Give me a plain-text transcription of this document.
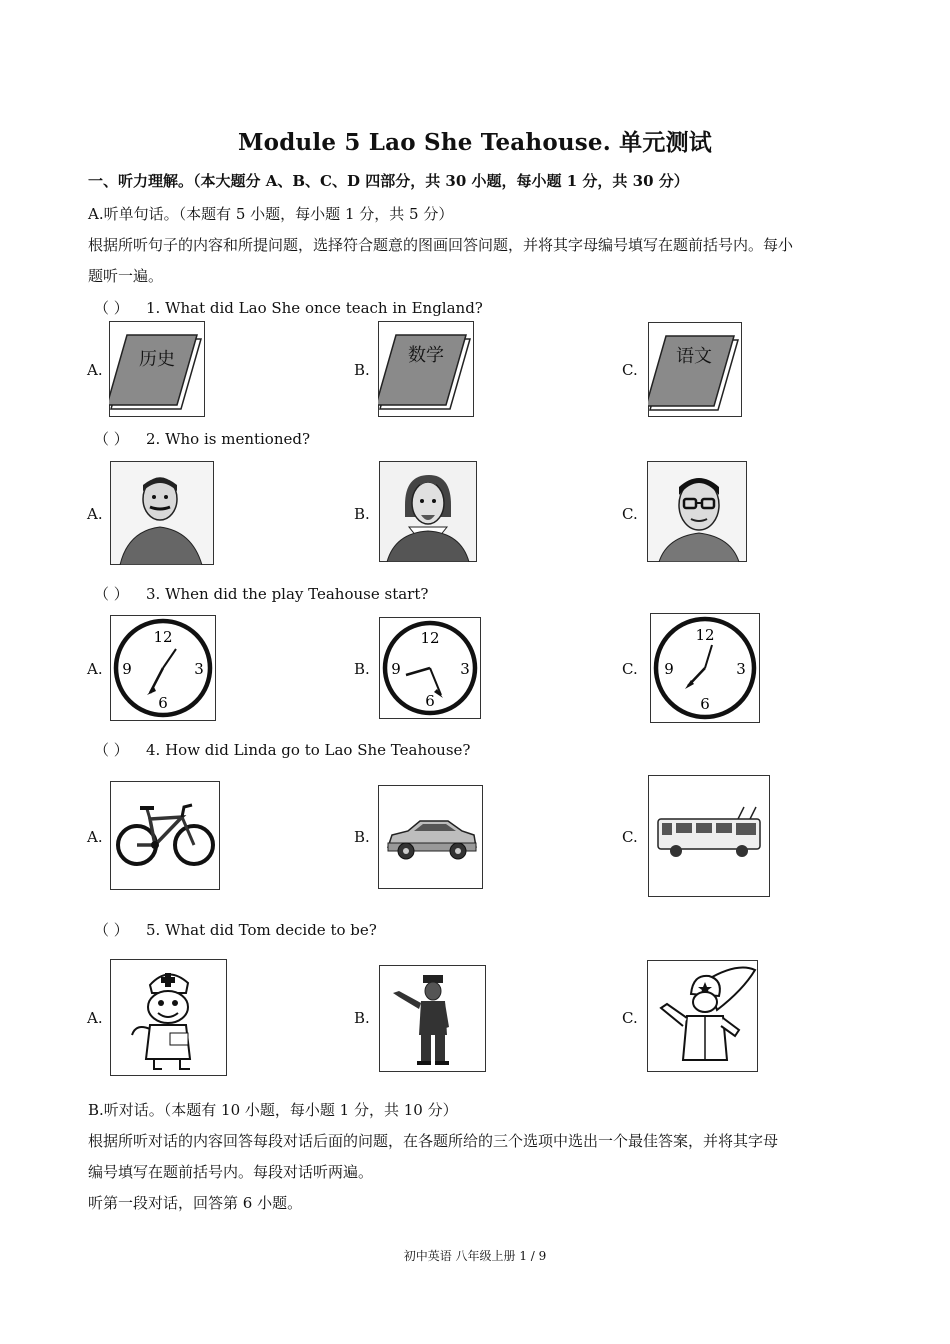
Module 5 Lao She Teahouse. 单元测试
一、听力理解。（本大题分 A、B、C、D 四部分，共 30 小题，每小题 1 分，共 30 分）
A.听单句话。（本题有 5 小题，每小题 1 分，共 5 分）
根据所听句子的内容和所提问题，选择符合题意的图画回答问题，并将其字母编号填写在题前括号内。每小
题听一遍。
（ ） 1. What did Lao She once teach in England?
A.	B.	C.
历史	数学	语文
（ ） 2. Who is mentioned?
A.	B.	C.
（ ） 3. When did the play Teahouse start?
A.	B.	C.
12
3
6
9
12
3
6
9
12
3
6
9
（ ） 4. How did Linda go to Lao She Teahouse?
A.	B.	C.
（ ） 5. What did Tom decide to be?
A.	B.	C.
B.听对话。（本题有 10 小题，每小题 1 分，共 10 分）
根据所听对话的内容回答每段对话后面的问题，在各题所给的三个选项中选出一个最佳答案，并将其字母
编号填写在题前括号内。每段对话听两遍。
听第一段对话，回答第 6 小题。
初中英语 八年级上册 1 / 9
